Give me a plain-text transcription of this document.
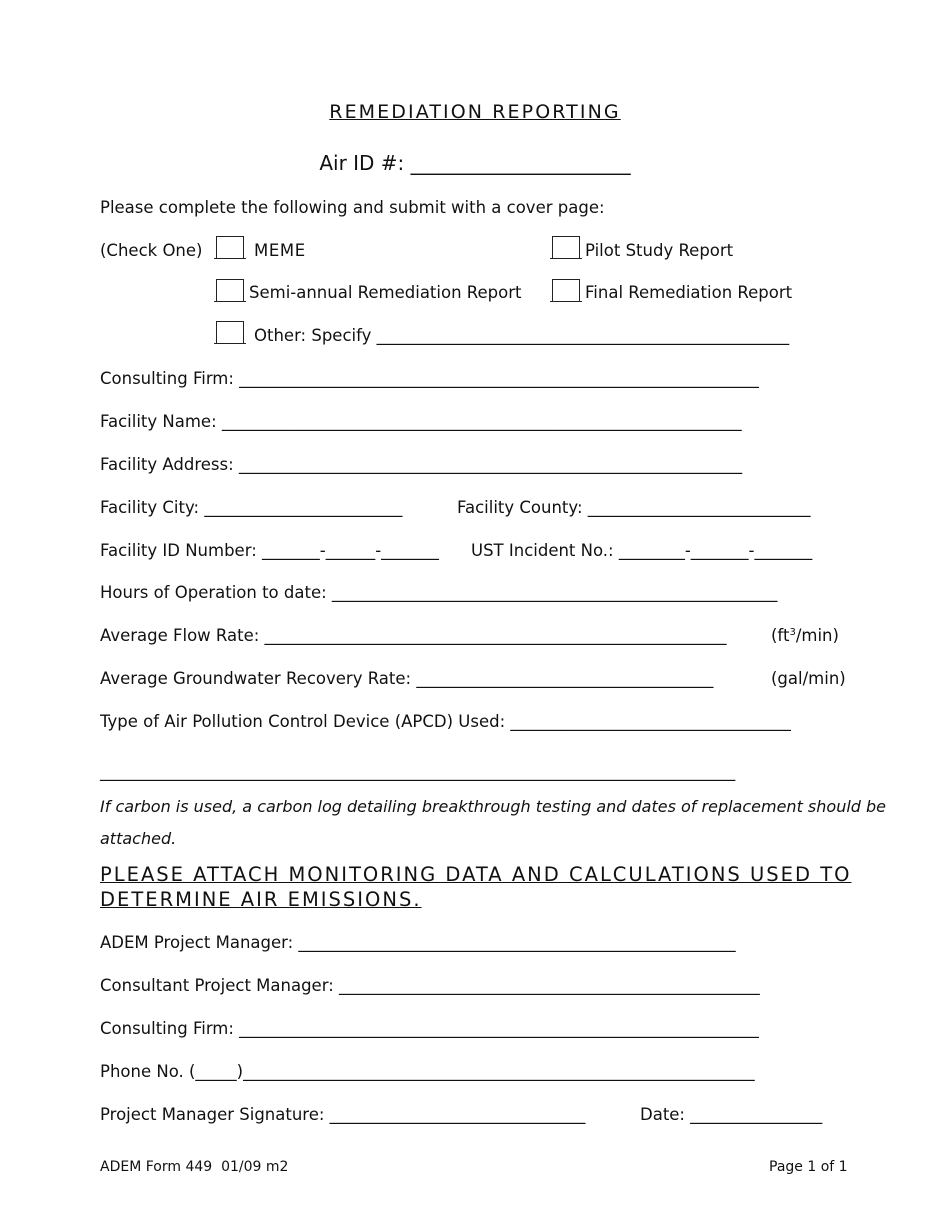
REMEDIATION REPORTING
Air ID #: ______________________
Please complete the following and submit with a cover page:
(Check One)	MEME	Pilot Study Report
Semi-annual Remediation Report	Final Remediation Report
Other: Specify __________________________________________________
Consulting Firm: _______________________________________________________________
Facility Name: _______________________________________________________________
Facility Address: _____________________________________________________________
Facility City: ________________________	Facility County: ___________________________
Facility ID Number: _______-______-_______ UST Incident No.: ________-_______-_______
Hours of Operation to date: ______________________________________________________
Average Flow Rate: ________________________________________________________	$(ft^3/\min)$
Average Groundwater Recovery Rate: ____________________________________	(gal/min)
Type of Air Pollution Control Device (APCD) Used: __________________________________
_____________________________________________________________________________
If carbon is used, a carbon log detailing breakthrough testing and dates of replacement should be
attached.
PLEASE ATTACH MONITORING DATA AND CALCULATIONS USED TO DETERMINE AIR EMISSIONS.
ADEM Project Manager: _____________________________________________________
Consultant Project Manager: ___________________________________________________
Consulting Firm: _______________________________________________________________
Phone No. (_____)______________________________________________________________
Project Manager Signature: _______________________________	Date: ________________
ADEM Form 449  01/09 m2	Page 1 of 1
